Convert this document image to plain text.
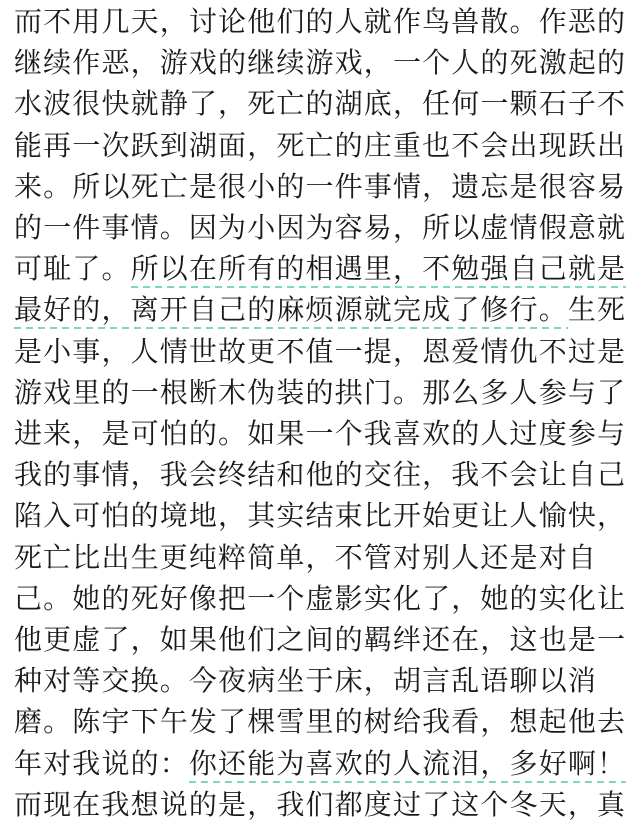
而不用几天，讨论他们的人就作鸟兽散。作恶的
继续作恶，游戏的继续游戏，一个人的死激起的
水波很快就静了，死亡的湖底，任何一颗石子不
能再一次跃到湖面，死亡的庄重也不会出现跃出
来。所以死亡是很小的一件事情，遗忘是很容易
的一件事情。因为小因为容易，所以虚情假意就
可耻了。所以在所有的相遇里，不勉强自己就是
最好的，离开自己的麻烦源就完成了修行。生死
是小事，人情世故更不值一提，恩爱情仇不过是
游戏里的一根断木伪装的拱门。那么多人参与了
进来，是可怕的。如果一个我喜欢的人过度参与
我的事情，我会终结和他的交往，我不会让自己
陷入可怕的境地，其实结束比开始更让人愉快，
死亡比出生更纯粹简单，不管对别人还是对自
己。她的死好像把一个虚影实化了，她的实化让
他更虚了，如果他们之间的羁绊还在，这也是一
种对等交换。今夜病坐于床，胡言乱语聊以消
磨。陈宇下午发了棵雪里的树给我看，想起他去
年对我说的：你还能为喜欢的人流泪，多好啊！
而现在我想说的是，我们都度过了这个冬天，真
